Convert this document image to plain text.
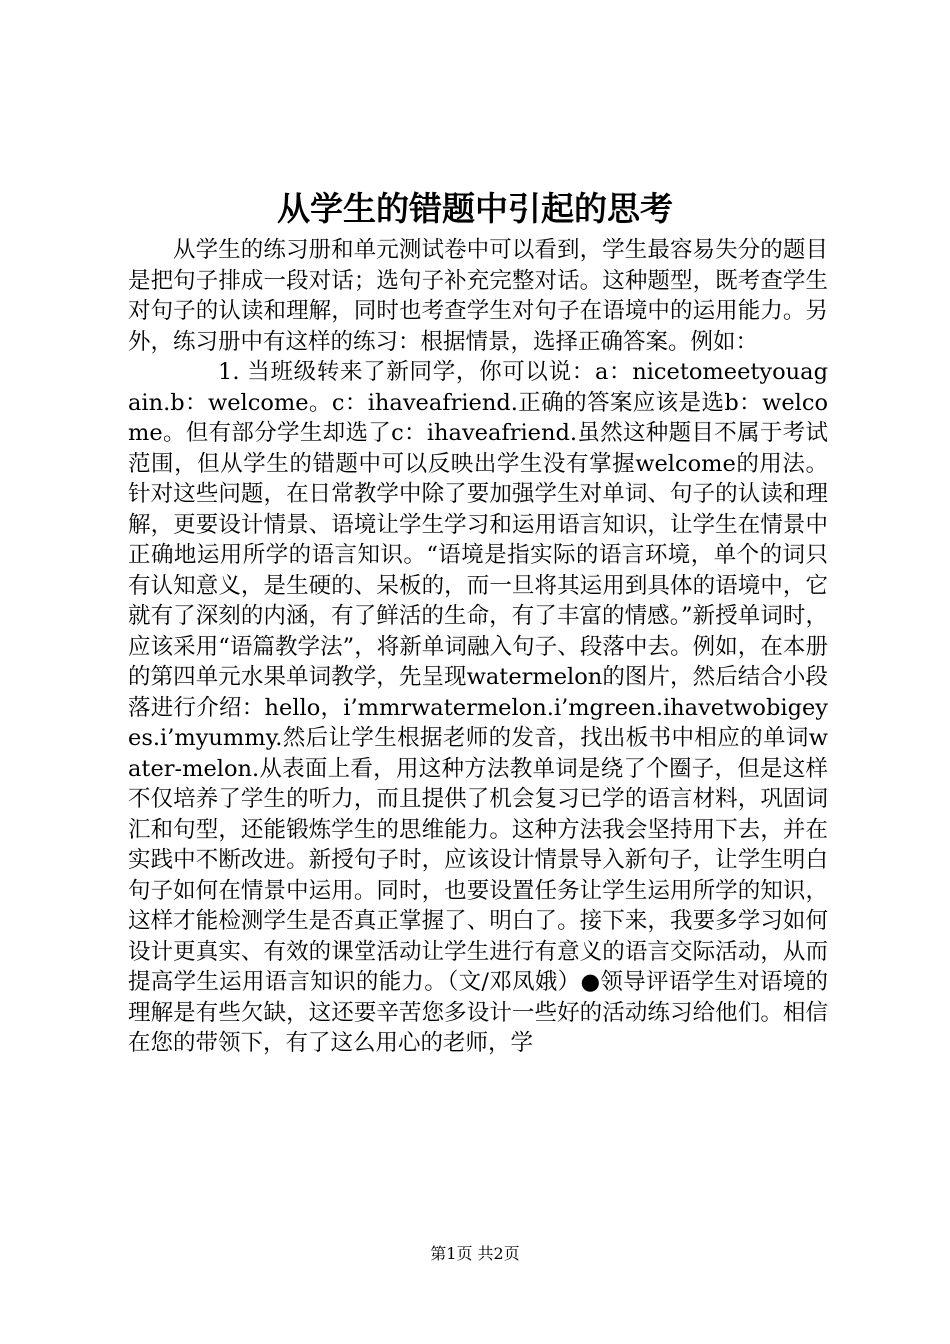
从学生的错题中引起的思考

从学生的练习册和单元测试卷中可以看到，学生最容易失分的题目是把句子排成一段对话；选句子补充完整对话。这种题型，既考查学生对句子的认读和理解，同时也考查学生对句子在语境中的运用能力。另外，练习册中有这样的练习：根据情景，选择正确答案。例如：

1. 当班级转来了新同学，你可以说：a：nicetomeetyouagain.b：welcome。c：ihaveafriend.正确的答案应该是选b：welcome。但有部分学生却选了c：ihaveafriend.虽然这种题目不属于考试范围，但从学生的错题中可以反映出学生没有掌握welcome的用法。针对这些问题，在日常教学中除了要加强学生对单词、句子的认读和理解，更要设计情景、语境让学生学习和运用语言知识，让学生在情景中正确地运用所学的语言知识。“语境是指实际的语言环境，单个的词只有认知意义，是生硬的、呆板的，而一旦将其运用到具体的语境中，它就有了深刻的内涵，有了鲜活的生命，有了丰富的情感。”新授单词时，应该采用“语篇教学法”，将新单词融入句子、段落中去。例如，在本册的第四单元水果单词教学，先呈现watermelon的图片，然后结合小段落进行介绍：hello，i’mmrwatermelon.i’mgreen.ihavetwobigeyes.i’myummy.然后让学生根据老师的发音，找出板书中相应的单词water-melon.从表面上看，用这种方法教单词是绕了个圈子，但是这样不仅培养了学生的听力，而且提供了机会复习已学的语言材料，巩固词汇和句型，还能锻炼学生的思维能力。这种方法我会坚持用下去，并在实践中不断改进。新授句子时，应该设计情景导入新句子，让学生明白句子如何在情景中运用。同时，也要设置任务让学生运用所学的知识，这样才能检测学生是否真正掌握了、明白了。接下来，我要多学习如何设计更真实、有效的课堂活动让学生进行有意义的语言交际活动，从而提高学生运用语言知识的能力。（文/邓凤娥）●领导评语学生对语境的理解是有些欠缺，这还要辛苦您多设计一些好的活动练习给他们。相信在您的带领下，有了这么用心的老师，学

第1页 共2页
